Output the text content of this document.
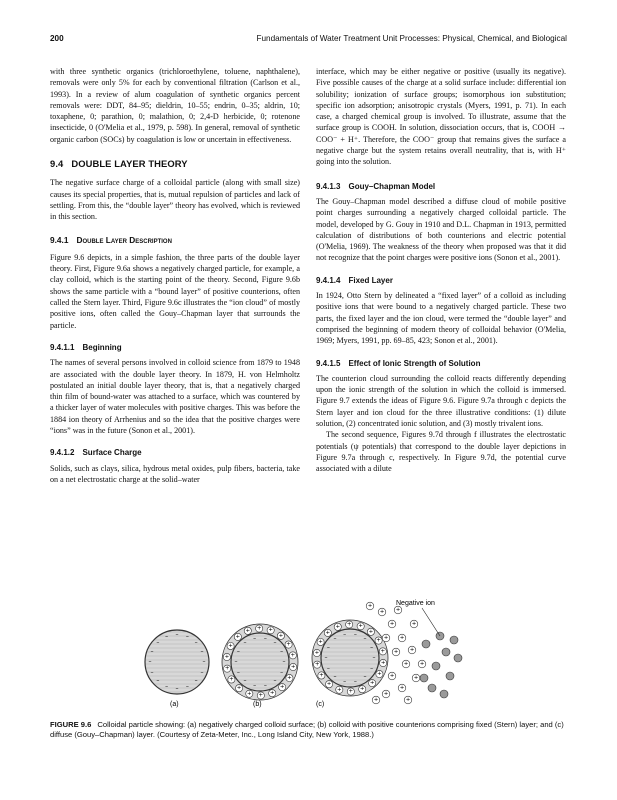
200	Fundamentals of Water Treatment Unit Processes: Physical, Chemical, and Biological

with three synthetic organics (trichloroethylene, toluene, naphthalene), removals were only 5% for each by conventional filtration (Carlson et al., 1993). In a review of alum coagulation of synthetic organics percent removals were: DDT, 84–95; dieldrin, 10–55; endrin, 0–35; aldrin, 10; toxaphene, 0; parathion, 0; malathion, 0; 2,4-D herbicide, 0; rotenone insecticide, 0 (O'Melia et al., 1979, p. 598). In general, removal of synthetic organic carbon (SOCs) by coagulation is low or uncertain in effectiveness.

9.4 DOUBLE LAYER THEORY

The negative surface charge of a colloidal particle (along with small size) causes its special properties, that is, mutual repulsion of particles and lack of settling. From this, the “double layer” theory has evolved, which is reviewed in this section.

9.4.1 Double Layer Description

Figure 9.6 depicts, in a simple fashion, the three parts of the double layer theory. First, Figure 9.6a shows a negatively charged particle, for example, a clay colloid, which is the starting point of the theory. Second, Figure 9.6b shows the same particle with a “bound layer” of positive counterions, often called the Stern layer. Third, Figure 9.6c illustrates the “ion cloud” of mostly positive ions, often called the Gouy–Chapman layer that surrounds the particle.

9.4.1.1 Beginning

The names of several persons involved in colloid science from 1879 to 1948 are associated with the double layer theory. In 1879, H. von Helmholtz postulated an initial double layer theory, that is, that a negatively charged thin film of bound-water was attached to a surface, which was countered by a thicker layer of water molecules with positive charges. This was before the 1884 ion theory of Arrhenius and so the idea that the positive charges were “ions” was in the future (Sonon et al., 2001).

9.4.1.2 Surface Charge

Solids, such as clays, silica, hydrous metal oxides, pulp fibers, bacteria, take on a net electrostatic charge at the solid–water

interface, which may be either negative or positive (usually its negative). Five possible causes of the charge at a solid surface include: differential ion solubility; ionization of surface groups; isomorphous ion substitution; specific ion adsorption; anisotropic crystals (Myers, 1991, p. 71). In each case, a charged chemical group is involved. To illustrate, assume that the surface group is COOH. In solution, dissociation occurs, that is, COOH → COO⁻ + H⁺. Therefore, the COO⁻ group that remains gives the surface a negative charge but the system retains overall neutrality, that is, with H⁺ going into the solution.

9.4.1.3 Gouy–Chapman Model

The Gouy–Chapman model described a diffuse cloud of mobile positive point charges surrounding a negatively charged colloidal particle. The model, developed by G. Gouy in 1910 and D.L. Chapman in 1913, permitted calculation of distributions of both counterions and electric potential (O'Melia, 1969). The weakness of the theory when proposed was that it did not recognize that the point charges were positive ions (Sonon et al., 2001).

9.4.1.4 Fixed Layer

In 1924, Otto Stern by delineated a “fixed layer” of a colloid as including positive ions that were bound to a negatively charged particle. These two parts, the fixed layer and the ion cloud, were termed the “double layer” and comprised the beginning of modern theory of colloidal behavior (O'Melia, 1969; Myers, 1991, pp. 69–85, 423; Sonon et al., 2001).

9.4.1.5 Effect of Ionic Strength of Solution

The counterion cloud surrounding the colloid reacts differently depending upon the ionic strength of the solution in which the colloid is immersed. Figure 9.7 extends the ideas of Figure 9.6. Figure 9.7a through c depicts the Stern layer and ion cloud for the three illustrative conditions: (1) dilute solution, (2) concentrated ionic solution, and (3) mostly trivalent ions.

The second sequence, Figures 9.7d through f illustrates the electrostatic potentials (ψ potentials) that correspond to the double layer depictions in Figure 9.7a through c, respectively. In Figure 9.7d, the potential curve associated with a dilute

–
–
–
–
–
–
–
–
–
–
–
– – –
–
–
(a)
–
–
–
–
–
–
–
–
–
–
– –
–
–
+
+
+
+
+
+
+
+
+
+
+
+
+ + +
+
+
+
(b)
–
–
–
–
–
–
–
–
–
–
– –
–
–
+
+
+
+
+
+
+
+
+
+
+
+
+ + +
+
+
+
+
+
+
+
+
+
+
+
+
+
+
+
+
+
+
+
+
Negative ion
(c)
FIGURE 9.6 Colloidal particle showing: (a) negatively charged colloid surface; (b) colloid with positive counterions comprising fixed (Stern) layer; and (c) diffuse (Gouy–Chapman) layer. (Courtesy of Zeta-Meter, Inc., Long Island City, New York, 1988.)
